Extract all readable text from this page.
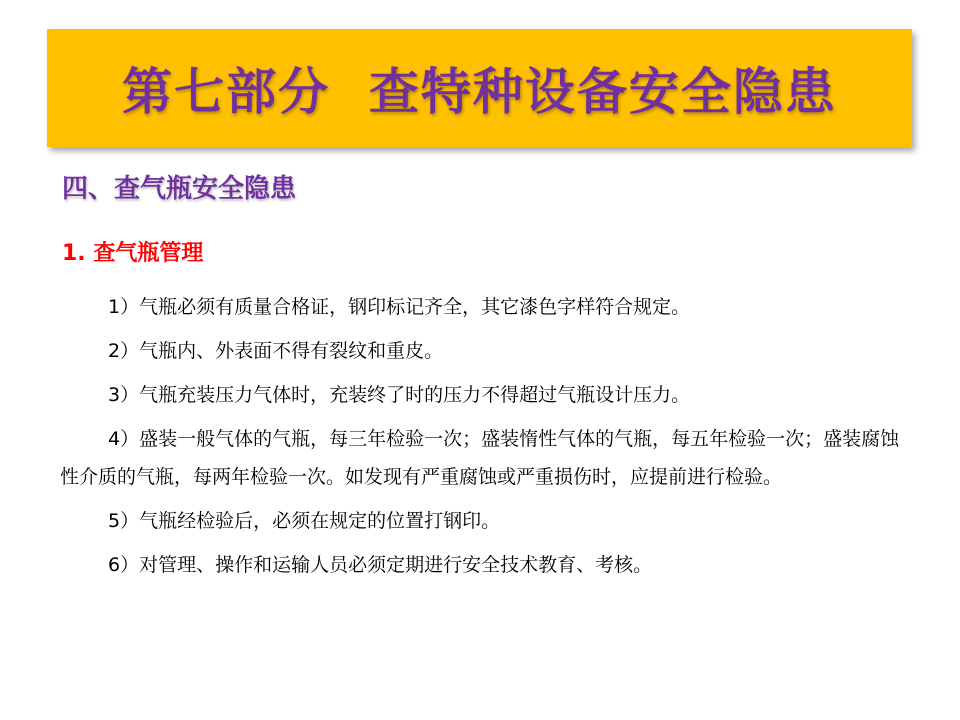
第七部分  查特种设备安全隐患
四、查气瓶安全隐患
1. 查气瓶管理

1）气瓶必须有质量合格证，钢印标记齐全，其它漆色字样符合规定。

2）气瓶内、外表面不得有裂纹和重皮。

3）气瓶充装压力气体时，充装终了时的压力不得超过气瓶设计压力。

4）盛装一般气体的气瓶，每三年检验一次；盛装惰性气体的气瓶，每五年检验一次；盛装腐蚀性介质的气瓶，每两年检验一次。如发现有严重腐蚀或严重损伤时，应提前进行检验。

5）气瓶经检验后，必须在规定的位置打钢印。

6）对管理、操作和运输人员必须定期进行安全技术教育、考核。
